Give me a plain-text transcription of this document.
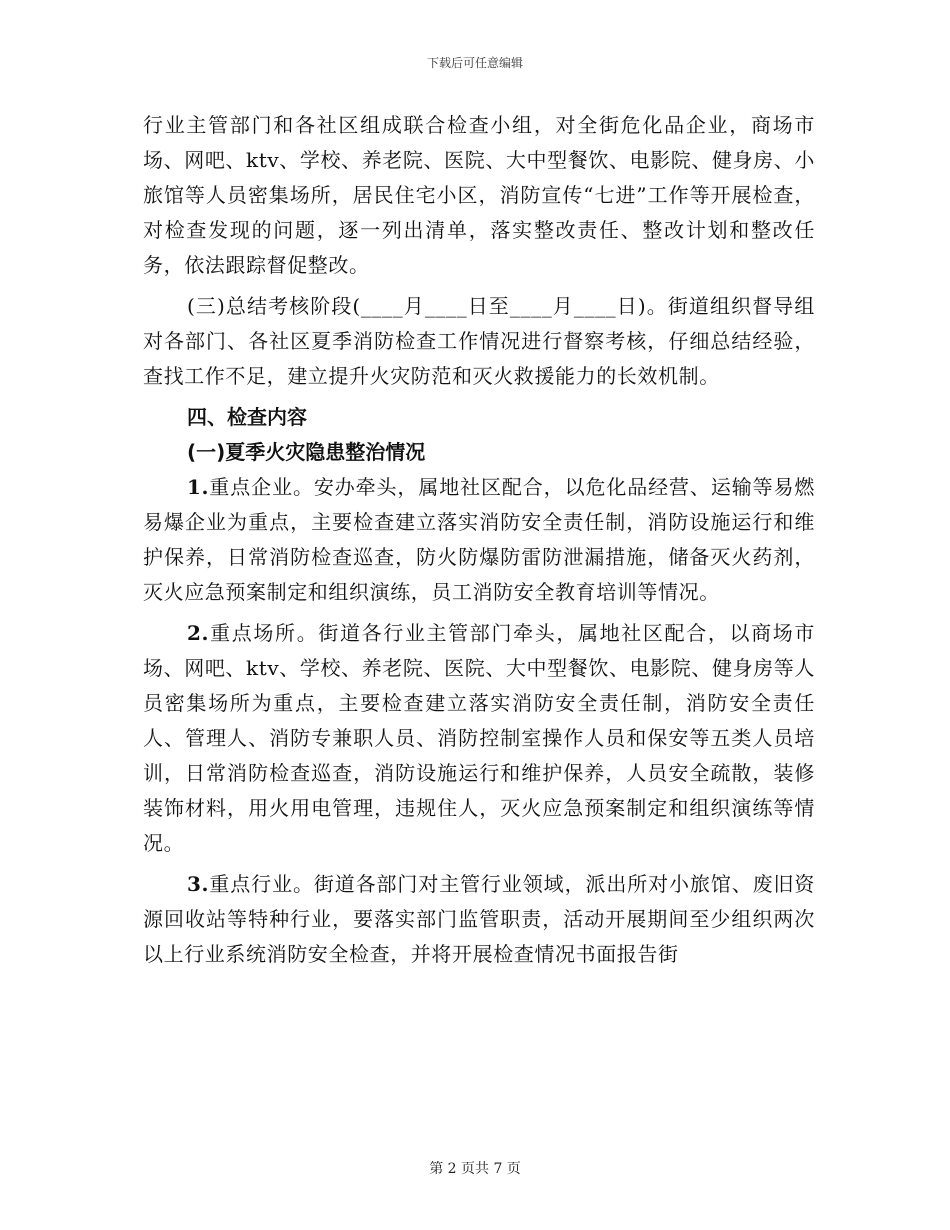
下载后可任意编辑

行业主管部门和各社区组成联合检查小组，对全街危化品企业，商场市场、网吧、ktv、学校、养老院、医院、大中型餐饮、电影院、健身房、小旅馆等人员密集场所，居民住宅小区，消防宣传“七进”工作等开展检查，对检查发现的问题，逐一列出清单，落实整改责任、整改计划和整改任务，依法跟踪督促整改。

(三)总结考核阶段(____月____日至____月____日)。街道组织督导组对各部门、各社区夏季消防检查工作情况进行督察考核，仔细总结经验，查找工作不足，建立提升火灾防范和灭火救援能力的长效机制。

四、检查内容
(一)夏季火灾隐患整治情况

1.重点企业。安办牵头，属地社区配合，以危化品经营、运输等易燃易爆企业为重点，主要检查建立落实消防安全责任制，消防设施运行和维护保养，日常消防检查巡查，防火防爆防雷防泄漏措施，储备灭火药剂，灭火应急预案制定和组织演练，员工消防安全教育培训等情况。

2.重点场所。街道各行业主管部门牵头，属地社区配合，以商场市场、网吧、ktv、学校、养老院、医院、大中型餐饮、电影院、健身房等人员密集场所为重点，主要检查建立落实消防安全责任制，消防安全责任人、管理人、消防专兼职人员、消防控制室操作人员和保安等五类人员培训，日常消防检查巡查，消防设施运行和维护保养，人员安全疏散，装修装饰材料，用火用电管理，违规住人，灭火应急预案制定和组织演练等情况。

3.重点行业。街道各部门对主管行业领域，派出所对小旅馆、废旧资源回收站等特种行业，要落实部门监管职责，活动开展期间至少组织两次以上行业系统消防安全检查，并将开展检查情况书面报告街

第 2 页共 7 页
